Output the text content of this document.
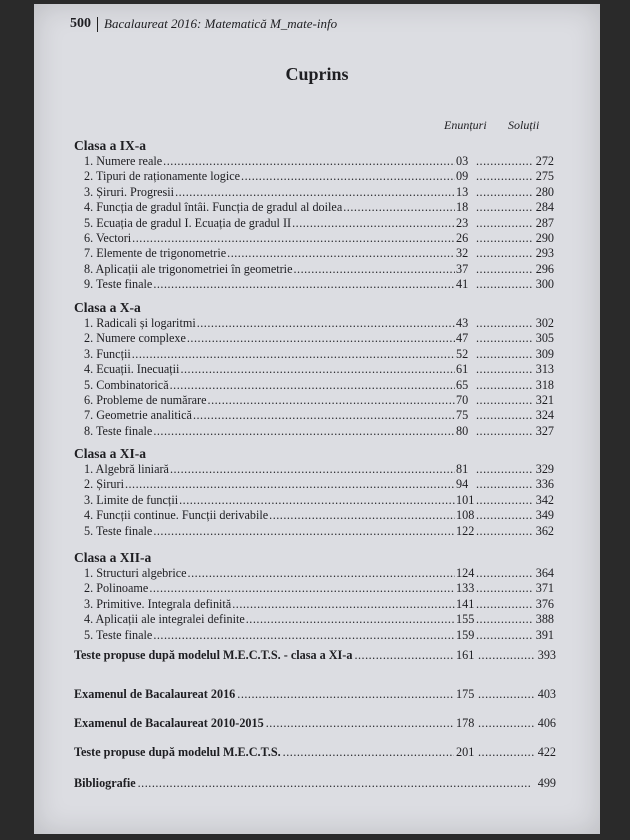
500 Bacalaureat 2016: Matematică M_mate-info
Cuprins
Enunțuri Soluții
Clasa a IX-a
1. Numere reale .....	03 .....	272
2. Tipuri de raționamente logice .....	09 .....	275
3. Șiruri. Progresii .....	13 .....	280
4. Funcția de gradul întâi. Funcția de gradul al doilea .....	18 .....	284
5. Ecuația de gradul I. Ecuația de gradul II .....	23 .....	287
6. Vectori .....	26 .....	290
7. Elemente de trigonometrie .....	32 .....	293
8. Aplicații ale trigonometriei în geometrie .....	37 .....	296
9. Teste finale .....	41 .....	300
Clasa a X-a
1. Radicali și logaritmi .....	43 .....	302
2. Numere complexe .....	47 .....	305
3. Funcții .....	52 .....	309
4. Ecuații. Inecuații .....	61 .....	313
5. Combinatorică .....	65 .....	318
6. Probleme de numărare .....	70 .....	321
7. Geometrie analitică .....	75 .....	324
8. Teste finale .....	80 .....	327
Clasa a XI-a
1. Algebră liniară .....	81 .....	329
2. Șiruri .....	94 .....	336
3. Limite de funcții .....	101 .....	342
4. Funcții continue. Funcții derivabile .....	108 .....	349
5. Teste finale .....	122 .....	362
Clasa a XII-a
1. Structuri algebrice .....	124 .....	364
2. Polinoame .....	133 .....	371
3. Primitive. Integrala definită .....	141 .....	376
4. Aplicații ale integralei definite .....	155 .....	388
5. Teste finale .....	159 .....	391
Teste propuse după modelul M.E.C.T.S. - clasa a XI-a .....	161 .....	393
Examenul de Bacalaureat 2016 .....	175 .....	403
Examenul de Bacalaureat 2010-2015 .....	178 .....	406
Teste propuse după modelul M.E.C.T.S. .....	201 .....	422
Bibliografie .....	499
